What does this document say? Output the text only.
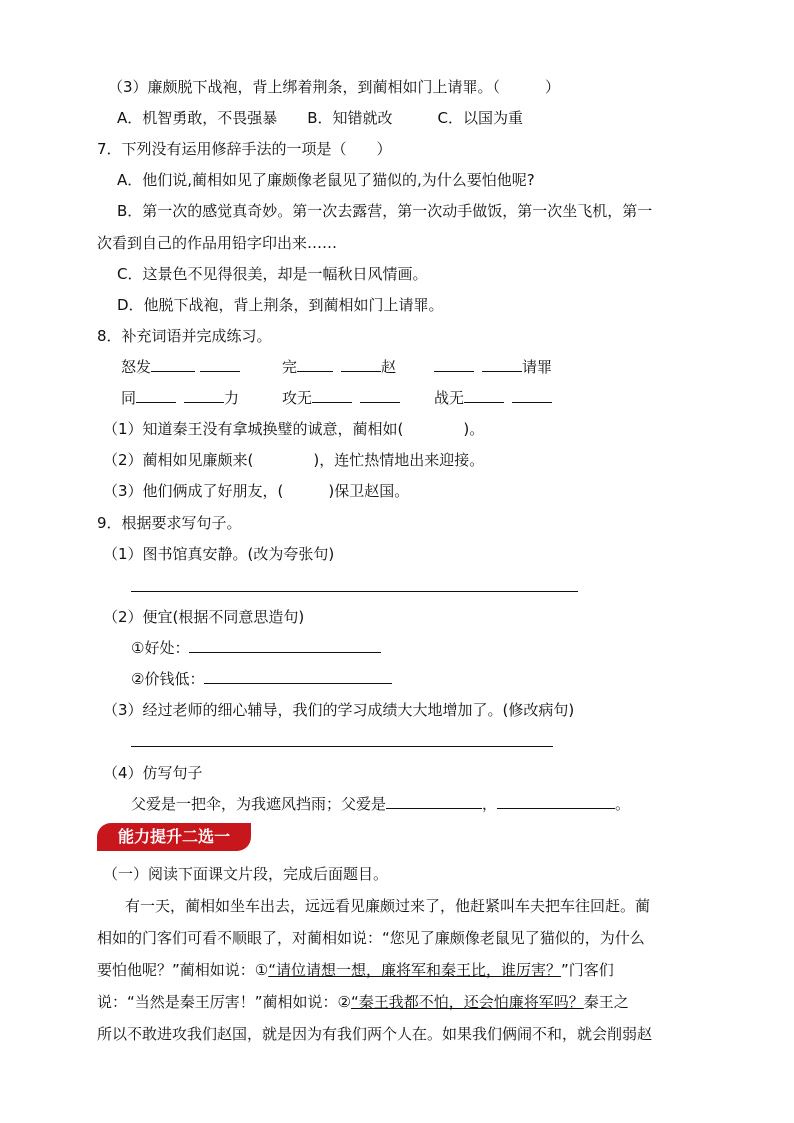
（3）廉颇脱下战袍，背上绑着荆条，到蔺相如门上请罪。（　　　）
A．机智勇敢，不畏强暴　　B．知错就改　　　C．以国为重
7．下列没有运用修辞手法的一项是（　　）
A．他们说,蔺相如见了廉颇像老鼠见了猫似的,为什么要怕他呢?
B．第一次的感觉真奇妙。第一次去露营，第一次动手做饭，第一次坐飞机，第一
次看到自己的作品用铅字印出来……
C．这景色不见得很美，却是一幅秋日风情画。
D．他脱下战袍，背上荆条，到蔺相如门上请罪。
8．补充词语并完成练习。
怒发	完	赵	请罪
同	力	攻无	战无
（1）知道秦王没有拿城换璧的诚意，蔺相如(　　　　)。
（2）蔺相如见廉颇来(　　　　)，连忙热情地出来迎接。
（3）他们俩成了好朋友，(　　　)保卫赵国。
9．根据要求写句子。
（1）图书馆真安静。(改为夸张句)
（2）便宜(根据不同意思造句)
①好处：
②价钱低：
（3）经过老师的细心辅导，我们的学习成绩大大地增加了。(修改病句)
（4）仿写句子
父爱是一把伞，为我遮风挡雨；父爱是	，	。
能力提升二选一
（一）阅读下面课文片段，完成后面题目。
有一天，蔺相如坐车出去，远远看见廉颇过来了，他赶紧叫车夫把车往回赶。蔺
相如的门客们可看不顺眼了，对蔺相如说：“您见了廉颇像老鼠见了猫似的，为什么
要怕他呢？”蔺相如说：①“请位请想一想，廉将军和秦王比，谁厉害？”门客们
说：“当然是秦王厉害！”蔺相如说：②“秦王我都不怕，还会怕廉将军吗？秦王之
所以不敢进攻我们赵国，就是因为有我们两个人在。如果我们俩闹不和，就会削弱赵
